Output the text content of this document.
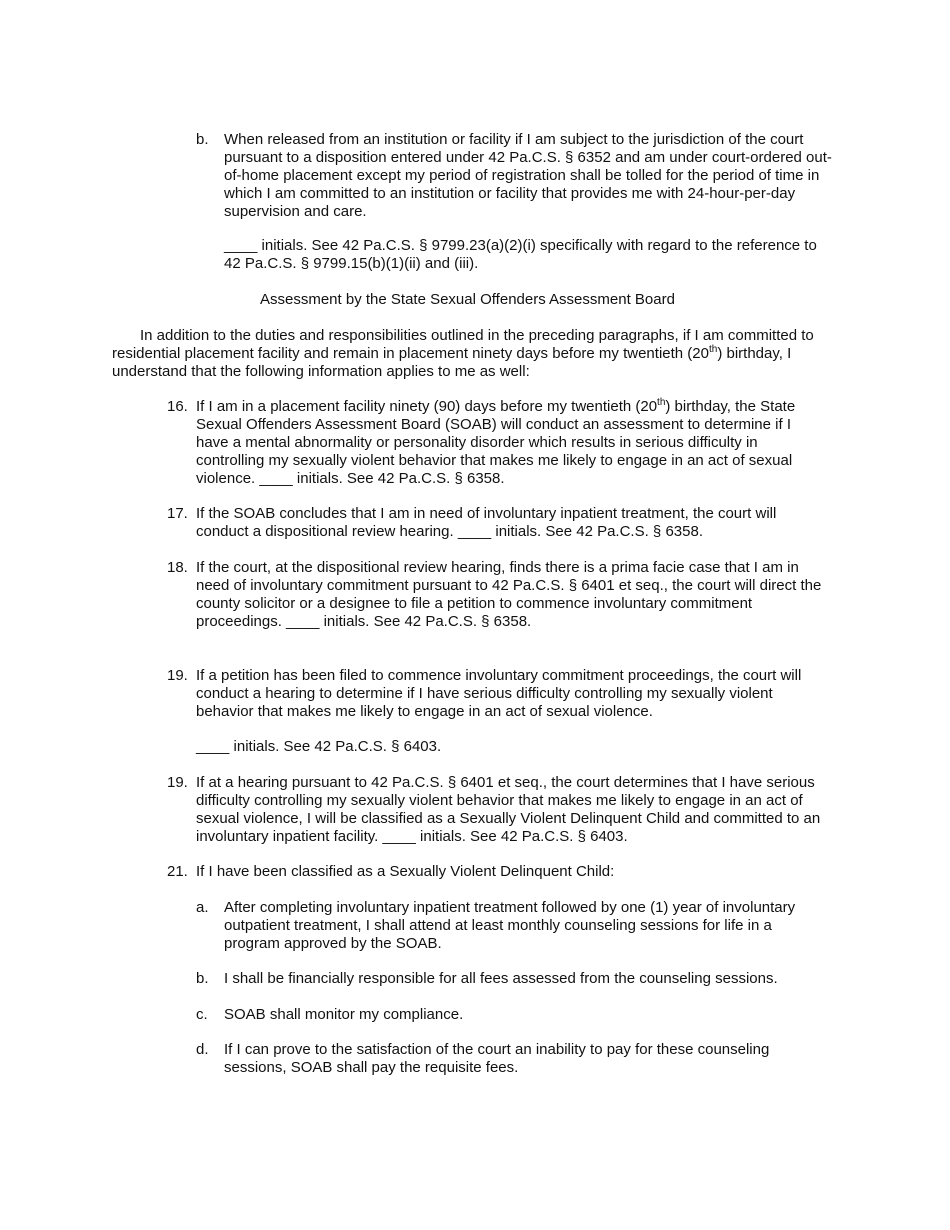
b. When released from an institution or facility if I am subject to the jurisdiction of the court pursuant to a disposition entered under 42 Pa.C.S. § 6352 and am under court-ordered out-of-home placement except my period of registration shall be tolled for the period of time in which I am committed to an institution or facility that provides me with 24-hour-per-day supervision and care.

____ initials. See 42 Pa.C.S. § 9799.23(a)(2)(i) specifically with regard to the reference to 42 Pa.C.S. § 9799.15(b)(1)(ii) and (iii).

Assessment by the State Sexual Offenders Assessment Board

In addition to the duties and responsibilities outlined in the preceding paragraphs, if I am committed to residential placement facility and remain in placement ninety days before my twentieth (20th) birthday, I understand that the following information applies to me as well:

16. If I am in a placement facility ninety (90) days before my twentieth (20th) birthday, the State Sexual Offenders Assessment Board (SOAB) will conduct an assessment to determine if I have a mental abnormality or personality disorder which results in serious difficulty in controlling my sexually violent behavior that makes me likely to engage in an act of sexual violence. ____ initials. See 42 Pa.C.S. § 6358.

17. If the SOAB concludes that I am in need of involuntary inpatient treatment, the court will conduct a dispositional review hearing. ____ initials. See 42 Pa.C.S. § 6358.

18. If the court, at the dispositional review hearing, finds there is a prima facie case that I am in need of involuntary commitment pursuant to 42 Pa.C.S. § 6401 et seq., the court will direct the county solicitor or a designee to file a petition to commence involuntary commitment proceedings. ____ initials. See 42 Pa.C.S. § 6358.

19. If a petition has been filed to commence involuntary commitment proceedings, the court will conduct a hearing to determine if I have serious difficulty controlling my sexually violent behavior that makes me likely to engage in an act of sexual violence.

____ initials. See 42 Pa.C.S. § 6403.

19. If at a hearing pursuant to 42 Pa.C.S. § 6401 et seq., the court determines that I have serious difficulty controlling my sexually violent behavior that makes me likely to engage in an act of sexual violence, I will be classified as a Sexually Violent Delinquent Child and committed to an involuntary inpatient facility. ____ initials. See 42 Pa.C.S. § 6403.

21. If I have been classified as a Sexually Violent Delinquent Child:

a. After completing involuntary inpatient treatment followed by one (1) year of involuntary outpatient treatment, I shall attend at least monthly counseling sessions for life in a program approved by the SOAB.

b. I shall be financially responsible for all fees assessed from the counseling sessions.

c. SOAB shall monitor my compliance.

d. If I can prove to the satisfaction of the court an inability to pay for these counseling sessions, SOAB shall pay the requisite fees.
